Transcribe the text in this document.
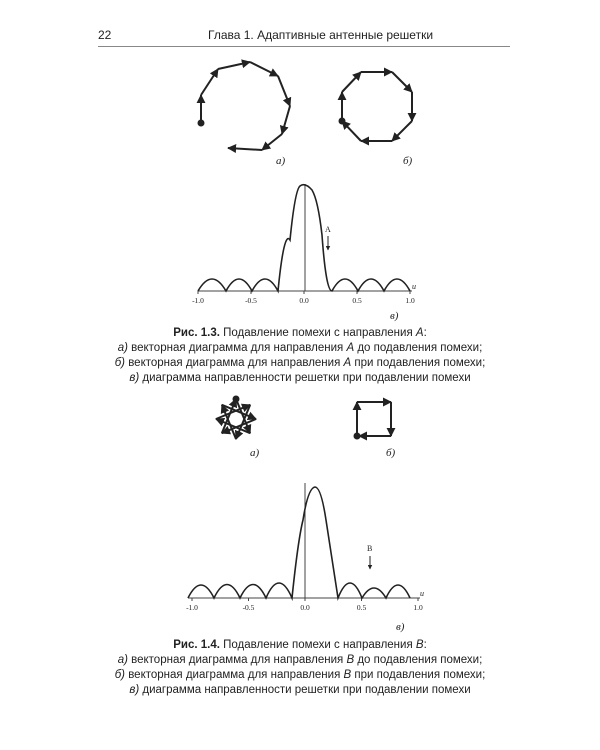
22	Глава 1. Адаптивные антенные решетки
а)	б)
-1.0	-0.5	0.0	0.5	1.0
A
u
в)
а)	б)
-1.0	-0.5	0.0	0.5	1.0
B
u
в)
Рис. 1.3. Подавление помехи с направления A:
а) векторная диаграмма для направления A до подавления помехи;
б) векторная диаграмма для направления A при подавления помехи;
в) диаграмма направленности решетки при подавлении помехи
Рис. 1.4. Подавление помехи с направления B:
а) векторная диаграмма для направления B до подавления помехи;
б) векторная диаграмма для направления B при подавления помехи;
в) диаграмма направленности решетки при подавлении помехи
